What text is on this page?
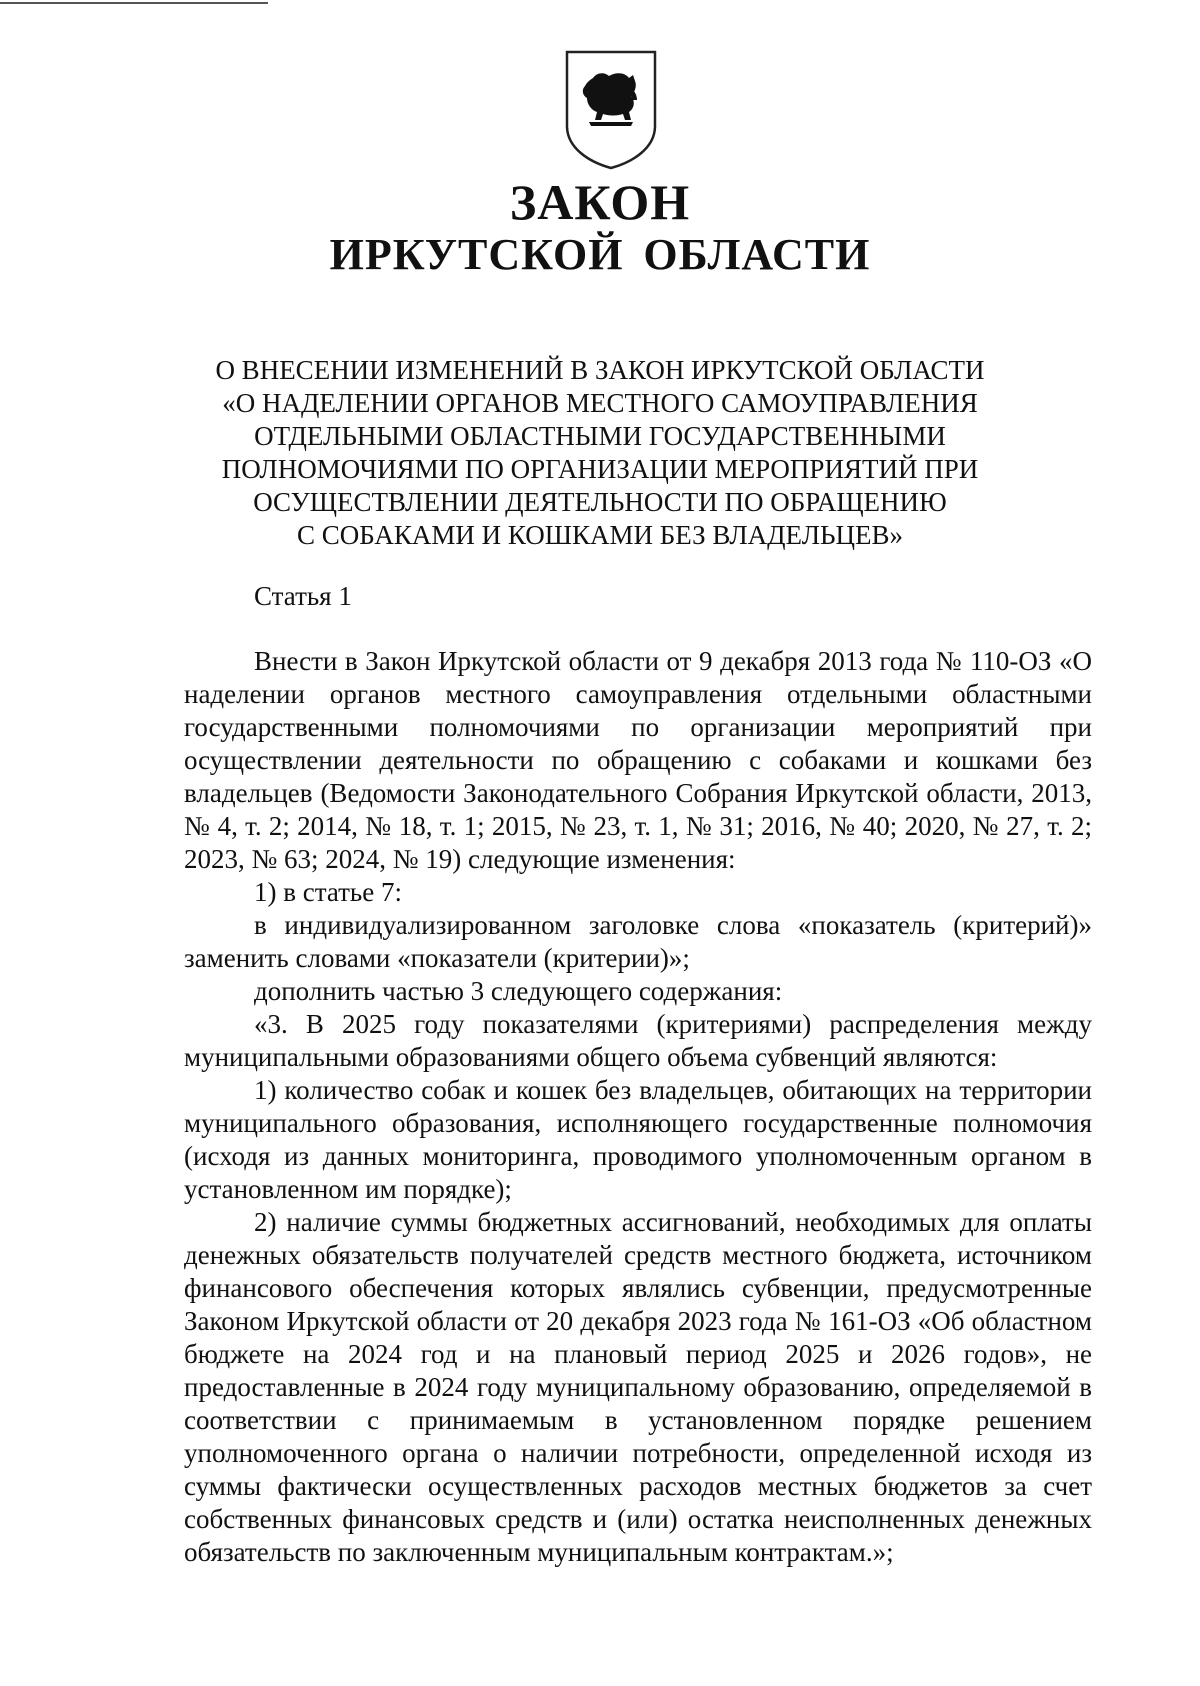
ЗАКОН
ИРКУТСКОЙ ОБЛАСТИ
О ВНЕСЕНИИ ИЗМЕНЕНИЙ В ЗАКОН ИРКУТСКОЙ ОБЛАСТИ
«О НАДЕЛЕНИИ ОРГАНОВ МЕСТНОГО САМОУПРАВЛЕНИЯ
ОТДЕЛЬНЫМИ ОБЛАСТНЫМИ ГОСУДАРСТВЕННЫМИ
ПОЛНОМОЧИЯМИ ПО ОРГАНИЗАЦИИ МЕРОПРИЯТИЙ ПРИ
ОСУЩЕСТВЛЕНИИ ДЕЯТЕЛЬНОСТИ ПО ОБРАЩЕНИЮ
С СОБАКАМИ И КОШКАМИ БЕЗ ВЛАДЕЛЬЦЕВ»
Статья 1

Внести в Закон Иркутской области от 9 декабря 2013 года № 110-ОЗ «О наделении органов местного самоуправления отдельными областными государственными полномочиями по организации мероприятий при осуществлении деятельности по обращению с собаками и кошками без владельцев (Ведомости Законодательного Собрания Иркутской области, 2013, № 4, т. 2; 2014, № 18, т. 1; 2015, № 23, т. 1, № 31; 2016, № 40; 2020, № 27, т. 2; 2023, № 63; 2024, № 19) следующие изменения:

1) в статье 7:

в индивидуализированном заголовке слова «показатель (критерий)» заменить словами «показатели (критерии)»;

дополнить частью 3 следующего содержания:

«3. В 2025 году показателями (критериями) распределения между муниципальными образованиями общего объема субвенций являются:

1) количество собак и кошек без владельцев, обитающих на территории муниципального образования, исполняющего государственные полномочия (исходя из данных мониторинга, проводимого уполномоченным органом в установленном им порядке);

2) наличие суммы бюджетных ассигнований, необходимых для оплаты денежных обязательств получателей средств местного бюджета, источником финансового обеспечения которых являлись субвенции, предусмотренные Законом Иркутской области от 20 декабря 2023 года № 161-ОЗ «Об областном бюджете на 2024 год и на плановый период 2025 и 2026 годов», не предоставленные в 2024 году муниципальному образованию, определяемой в соответствии с принимаемым в установленном порядке решением уполномоченного органа о наличии потребности, определенной исходя из суммы фактически осуществленных расходов местных бюджетов за счет собственных финансовых средств и (или) остатка неисполненных денежных обязательств по заключенным муниципальным контрактам.»;
